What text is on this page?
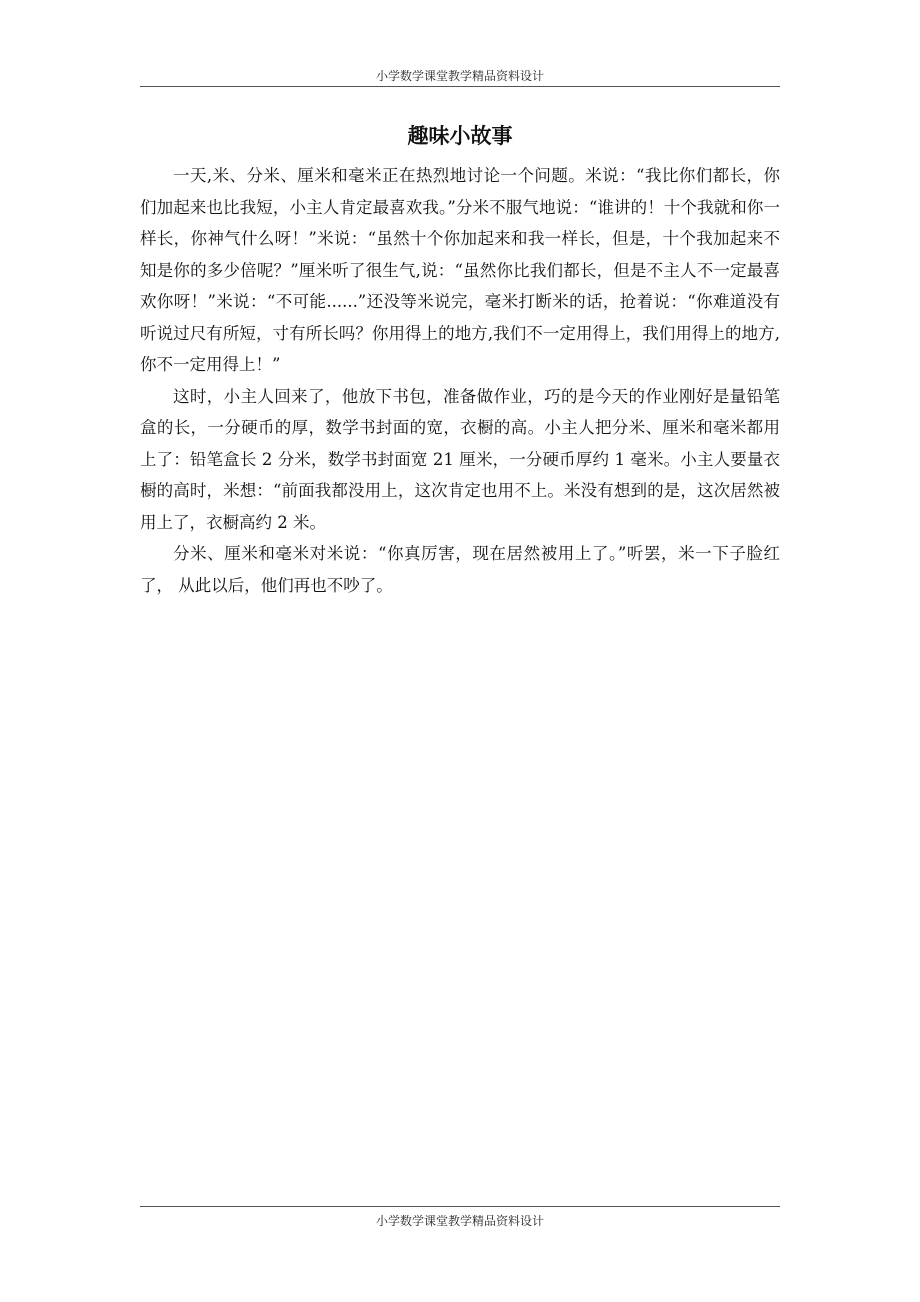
小学数学课堂教学精品资料设计
趣味小故事

一天,米、分米、厘米和毫米正在热烈地讨论一个问题。米说：“我比你们都长，你们加起来也比我短，小主人肯定最喜欢我。”分米不服气地说：“谁讲的！十个我就和你一样长，你神气什么呀！”米说：“虽然十个你加起来和我一样长，但是，十个我加起来不知是你的多少倍呢？”厘米听了很生气,说：“虽然你比我们都长，但是不主人不一定最喜欢你呀！”米说：“不可能......”还没等米说完，毫米打断米的话，抢着说：“你难道没有听说过尺有所短，寸有所长吗？你用得上的地方,我们不一定用得上，我们用得上的地方,你不一定用得上！”

这时，小主人回来了，他放下书包，准备做作业，巧的是今天的作业刚好是量铅笔盒的长，一分硬币的厚，数学书封面的宽，衣橱的高。小主人把分米、厘米和毫米都用上了：铅笔盒长 2 分米，数学书封面宽 21 厘米，一分硬币厚约 1 毫米。小主人要量衣橱的高时，米想：“前面我都没用上，这次肯定也用不上。米没有想到的是，这次居然被用上了，衣橱高约 2 米。

分米、厘米和毫米对米说：“你真厉害，现在居然被用上了。”听罢，米一下子脸红了， 从此以后，他们再也不吵了。

小学数学课堂教学精品资料设计
